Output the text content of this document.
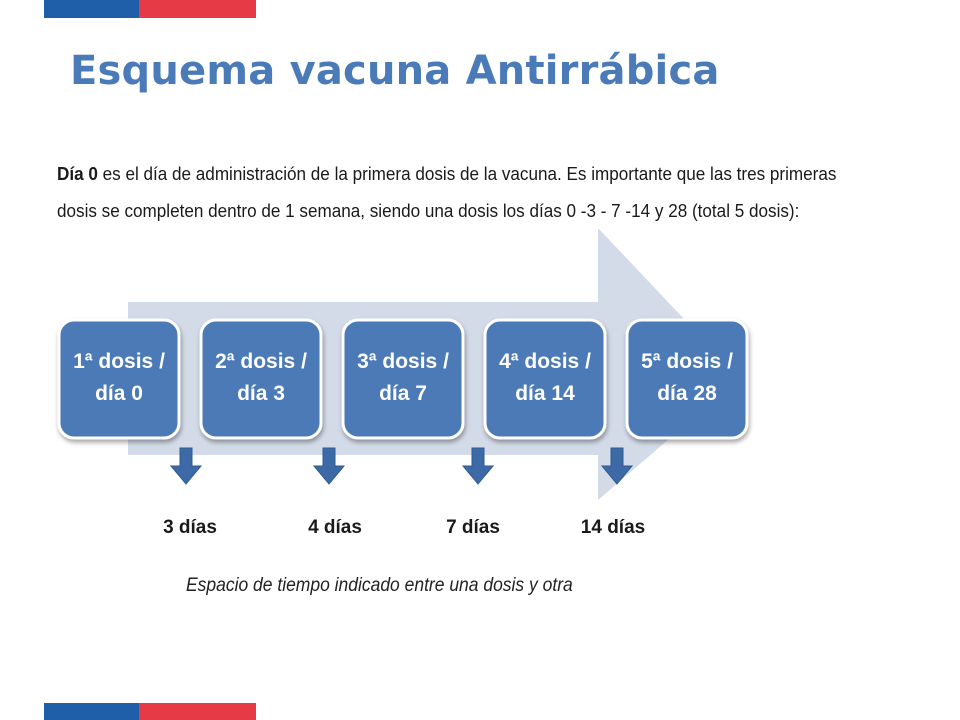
Esquema vacuna Antirrábica

Día 0 es el día de administración de la primera dosis de la vacuna. Es importante que las tres primeras
dosis se completen dentro de 1 semana, siendo una dosis los días 0 -3 - 7 -14 y 28 (total 5 dosis):

1ª dosis /
día 0
2ª dosis /
día 3
3ª dosis /
día 7
4ª dosis /
día 14
5ª dosis /
día 28
3 días	4 días	7 días	14 días

Espacio de tiempo indicado entre una dosis y otra
